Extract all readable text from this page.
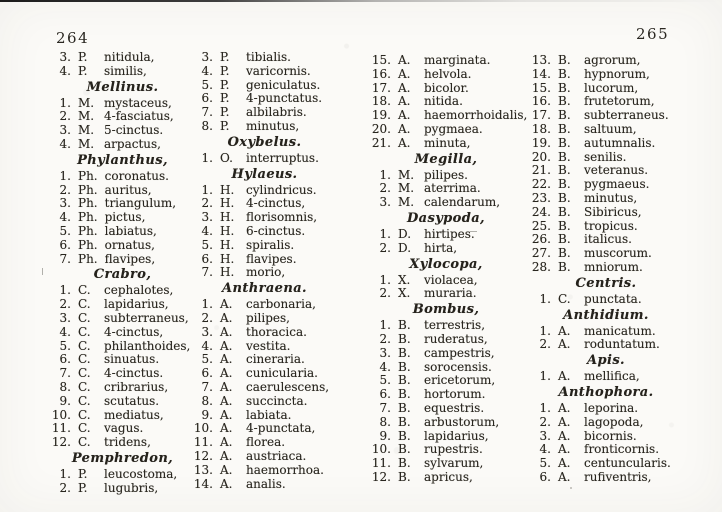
264	265
3. P.	nitidula,
4. P.	similis,
Mellinus.
1. M. mystaceus,
2. M. 4-fasciatus,
3. M. 5-cinctus.
4. M. arpactus,
Phylanthus,
1. Ph. coronatus.
2. Ph. auritus,
3. Ph. triangulum,
4. Ph. pictus,
5. Ph. labiatus,
6. Ph. ornatus,
7. Ph. flavipes,
Crabro,
1. C.	cephalotes,
2. C.	lapidarius,
3. C.	subterraneus,
4. C.	4-cinctus,
5. C.	philanthoides,
6. C.	sinuatus.
7. C.	4-cinctus.
8. C.	cribrarius,
9. C.	scutatus.
10. C.	mediatus,
11. C.	vagus.
12. C.	tridens,
Pemphredon,
1. P.	leucostoma,
2. P.	lugubris,
3. P.	tibialis.
4. P.	varicornis.
5. P.	geniculatus.
6. P.	4-punctatus.
7. P.	albilabris.
8. P.	minutus,
Oxybelus.
1. O.	interruptus.
Hylaeus.
1. H. cylindricus.
2. H. 4-cinctus,
3. H. florisomnis,
4. H. 6-cinctus.
5. H. spiralis.
6. H. flavipes.
7. H. morio,
Anthraena.
1. A.	carbonaria,
2. A.	pilipes,
3. A.	thoracica.
4. A.	vestita.
5. A.	cineraria.
6. A.	cunicularia.
7. A.	caerulescens,
8. A.	succincta.
9. A.	labiata.
10. A.	4-punctata,
11. A.	florea.
12. A.	austriaca.
13. A.	haemorrhoa.
14. A.	analis.
15. A.	marginata.
16. A.	helvola.
17. A.	bicolor.
18. A.	nitida.
19. A.	haemorrhoidalis,
20. A.	pygmaea.
21. A.	minuta,
Megilla,
1. M. pilipes.
2. M. aterrima.
3. M. calendarum,
Dasypoda,
1. D.	hirtipes.
2. D.	hirta,
Xylocopa,
1. X.	violacea,
2. X.	muraria.
Bombus,
1. B.	terrestris,
2. B.	ruderatus,
3. B.	campestris,
4. B.	sorocensis.
5. B.	ericetorum,
6. B.	hortorum.
7. B.	equestris.
8. B.	arbustorum,
9. B.	lapidarius,
10. B.	rupestris.
11. B.	sylvarum,
12. B.	apricus,
13. B.	agrorum,
14. B.	hypnorum,
15. B.	lucorum,
16. B.	frutetorum,
17. B.	subterraneus.
18. B.	saltuum,
19. B.	autumnalis.
20. B.	senilis.
21. B.	veteranus.
22. B.	pygmaeus.
23. B.	minutus,
24. B.	Sibiricus,
25. B.	tropicus.
26. B.	italicus.
27. B.	muscorum.
28. B.	mniorum.
Centris.
1. C.	punctata.
Anthidium.
1. A.	manicatum.
2. A.	roduntatum.
Apis.
1. A.	mellifica,
Anthophora.
1. A.	leporina.
2. A.	lagopoda,
3. A.	bicornis.
4. A.	fronticornis.
5. A.	centuncularis.
6. A.	rufiventris,
